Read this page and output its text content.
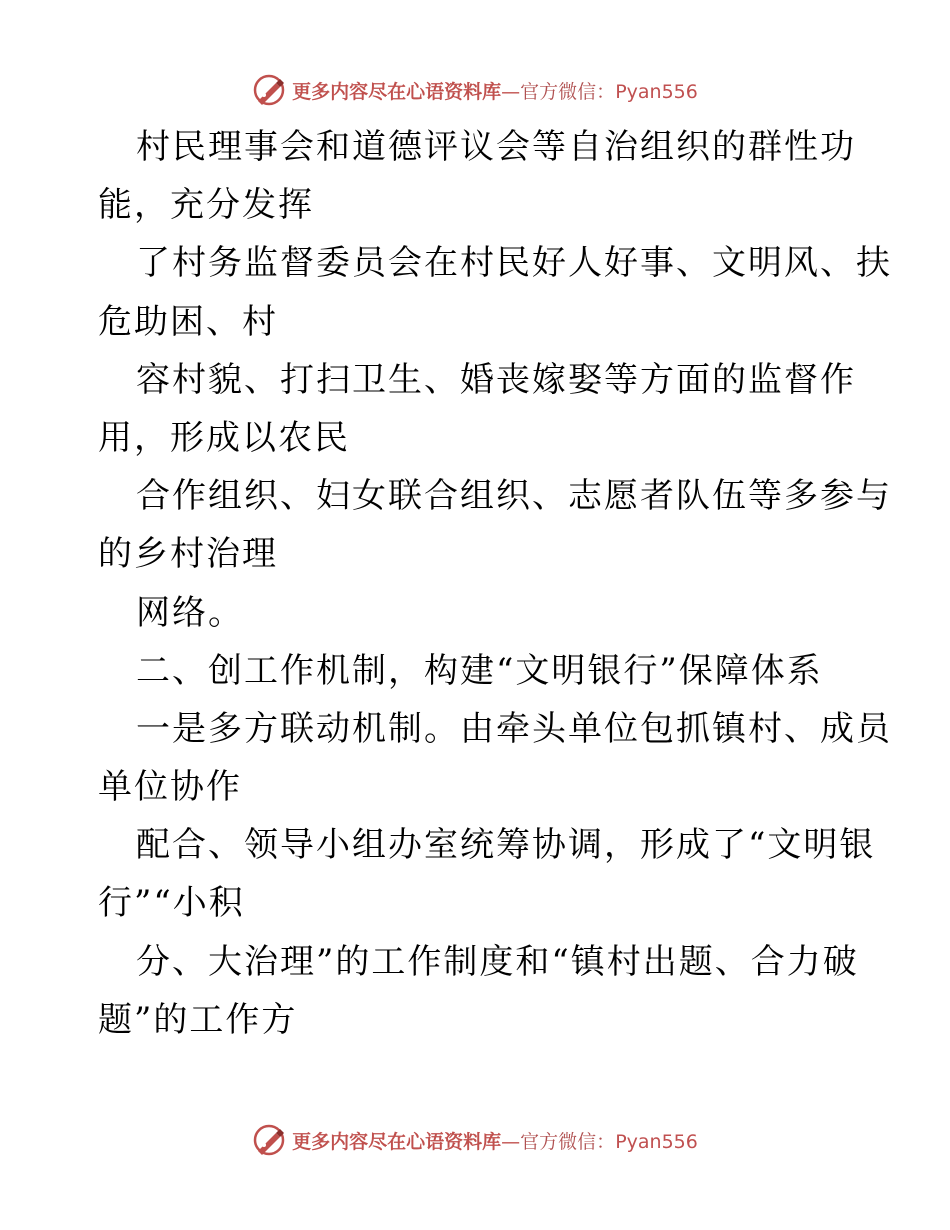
更多内容尽在心语资料库—官方微信：Pyan556
村民理事会和道德评议会等自治组织的群性功
能，充分发挥
了村务监督委员会在村民好人好事、文明风、扶
危助困、村
容村貌、打扫卫生、婚丧嫁娶等方面的监督作
用，形成以农民
合作组织、妇女联合组织、志愿者队伍等多参与
的乡村治理
网络。
二、创工作机制，构建“文明银行”保障体系
一是多方联动机制。由牵头单位包抓镇村、成员
单位协作
配合、领导小组办室统筹协调，形成了“文明银
行”“小积
分、大治理”的工作制度和“镇村出题、合力破
题”的工作方
更多内容尽在心语资料库—官方微信：Pyan556
